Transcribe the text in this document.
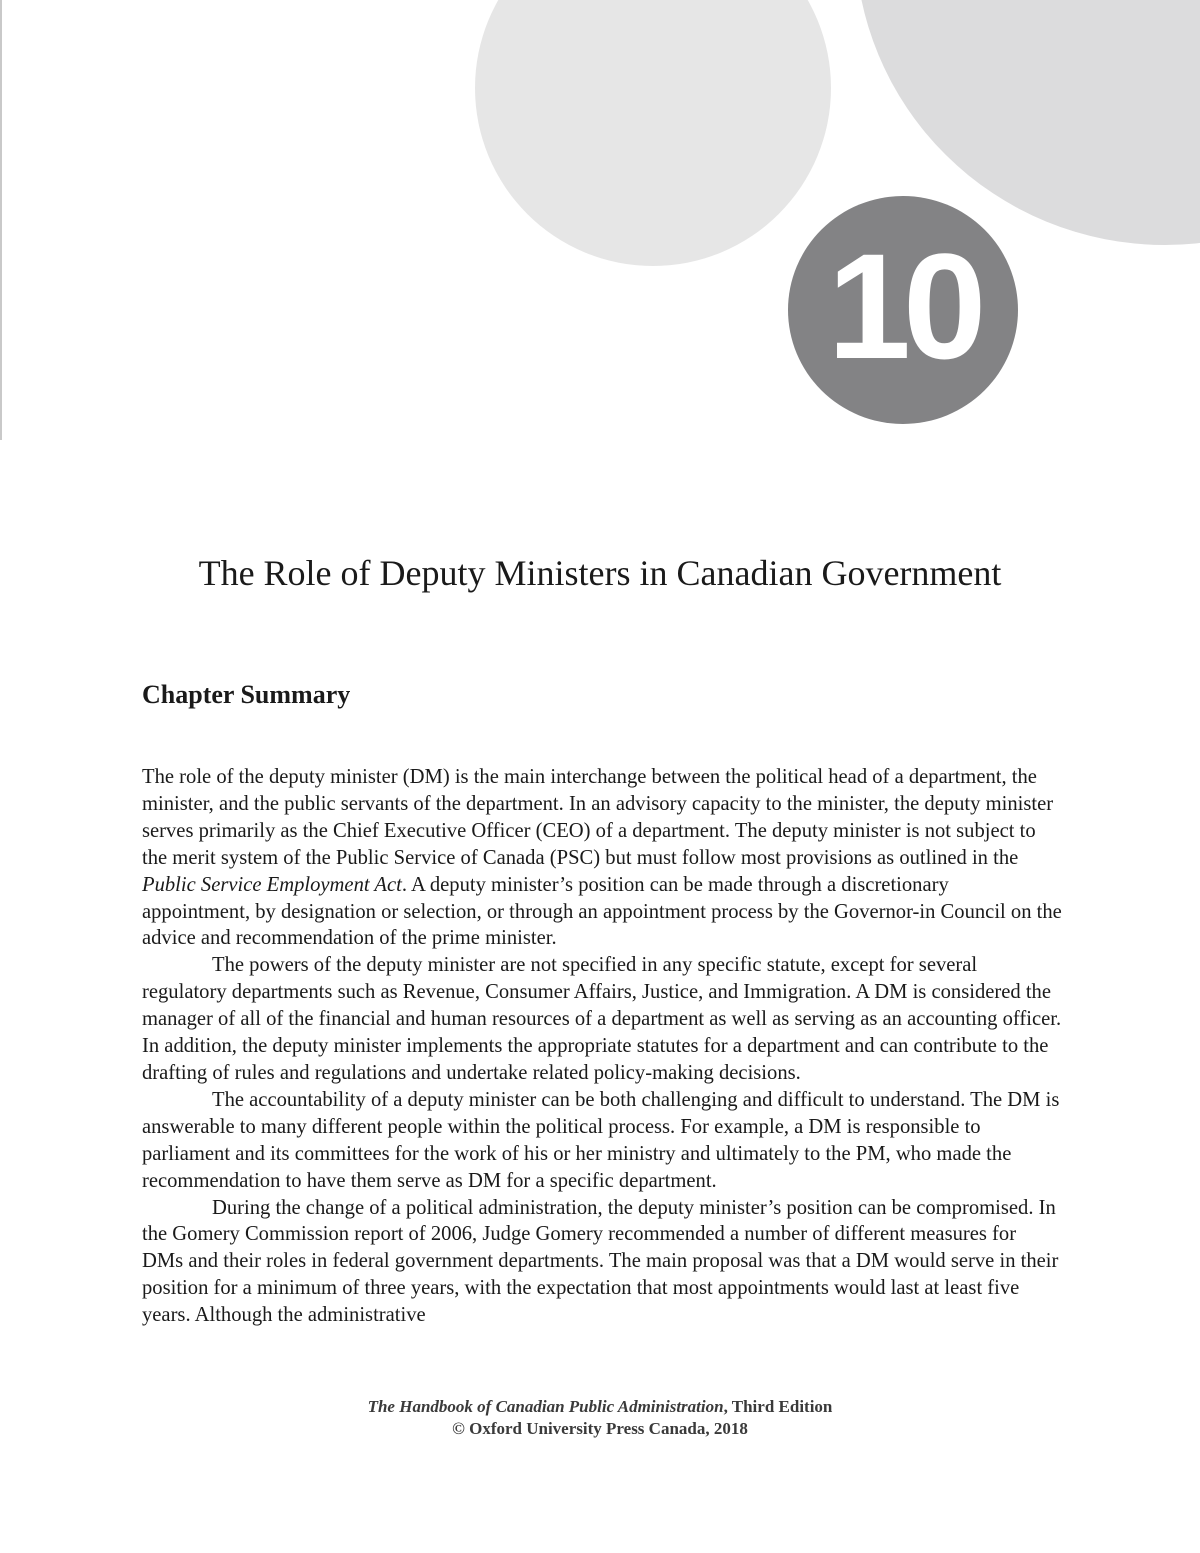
10
The Role of Deputy Ministers in Canadian Government
Chapter Summary

The role of the deputy minister (DM) is the main interchange between the political head of a department, the minister, and the public servants of the department. In an advisory capacity to the minister, the deputy minister serves primarily as the Chief Executive Officer (CEO) of a department. The deputy minister is not subject to the merit system of the Public Service of Canada (PSC) but must follow most provisions as outlined in the Public Service Employment Act. A deputy minister’s position can be made through a discretionary appointment, by designation or selection, or through an appointment process by the Governor-in Council on the advice and recommendation of the prime minister.

The powers of the deputy minister are not specified in any specific statute, except for several regulatory departments such as Revenue, Consumer Affairs, Justice, and Immigration. A DM is considered the manager of all of the financial and human resources of a department as well as serving as an accounting officer. In addition, the deputy minister implements the appropriate statutes for a department and can contribute to the drafting of rules and regulations and undertake related policy-making decisions.

The accountability of a deputy minister can be both challenging and difficult to understand. The DM is answerable to many different people within the political process. For example, a DM is responsible to parliament and its committees for the work of his or her ministry and ultimately to the PM, who made the recommendation to have them serve as DM for a specific department.

During the change of a political administration, the deputy minister’s position can be compromised. In the Gomery Commission report of 2006, Judge Gomery recommended a number of different measures for DMs and their roles in federal government departments. The main proposal was that a DM would serve in their position for a minimum of three years, with the expectation that most appointments would last at least five years. Although the administrative

The Handbook of Canadian Public Administration, Third Edition
© Oxford University Press Canada, 2018
